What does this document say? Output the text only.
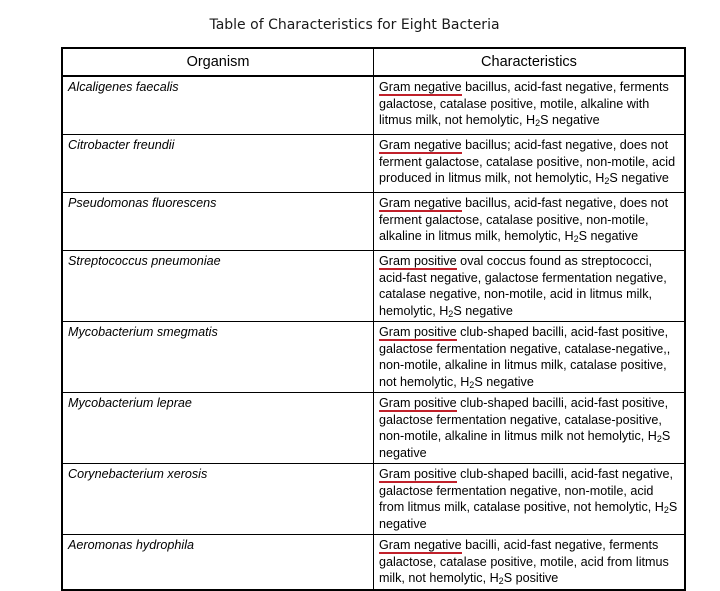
Table of Characteristics for Eight Bacteria
Organism	Characteristics
Alcaligenes faecalis	Gram negative bacillus, acid-fast negative, ferments galactose, catalase positive, motile, alkaline with litmus milk, not hemolytic, $H_2S$ negative
Citrobacter freundii	Gram negative bacillus; acid-fast negative, does not ferment galactose, catalase positive, non-motile, acid produced in litmus milk, not hemolytic, $H_2S$ negative
Pseudomonas fluorescens	Gram negative bacillus, acid-fast negative, does not ferment galactose, catalase positive, non-motile, alkaline in litmus milk, hemolytic, $H_2S$ negative
Streptococcus pneumoniae	Gram positive oval coccus found as streptococci, acid-fast negative, galactose fermentation negative, catalase negative, non-motile, acid in litmus milk, hemolytic, $H_2S$ negative
Mycobacterium smegmatis	Gram positive club-shaped bacilli, acid-fast positive, galactose fermentation negative, catalase-negative,, non-motile, alkaline in litmus milk, catalase positive, not hemolytic, $H_2S$ negative
Mycobacterium leprae	Gram positive club-shaped bacilli, acid-fast positive, galactose fermentation negative, catalase-positive, non-motile, alkaline in litmus milk not hemolytic, $H_2S$ negative
Corynebacterium xerosis	Gram positive club-shaped bacilli, acid-fast negative, galactose fermentation negative, non-motile, acid from litmus milk, catalase positive, not hemolytic, $H_2S$ negative
Aeromonas hydrophila	Gram negative bacilli, acid-fast negative, ferments galactose, catalase positive, motile, acid from litmus milk, not hemolytic, $H_2S$ positive
